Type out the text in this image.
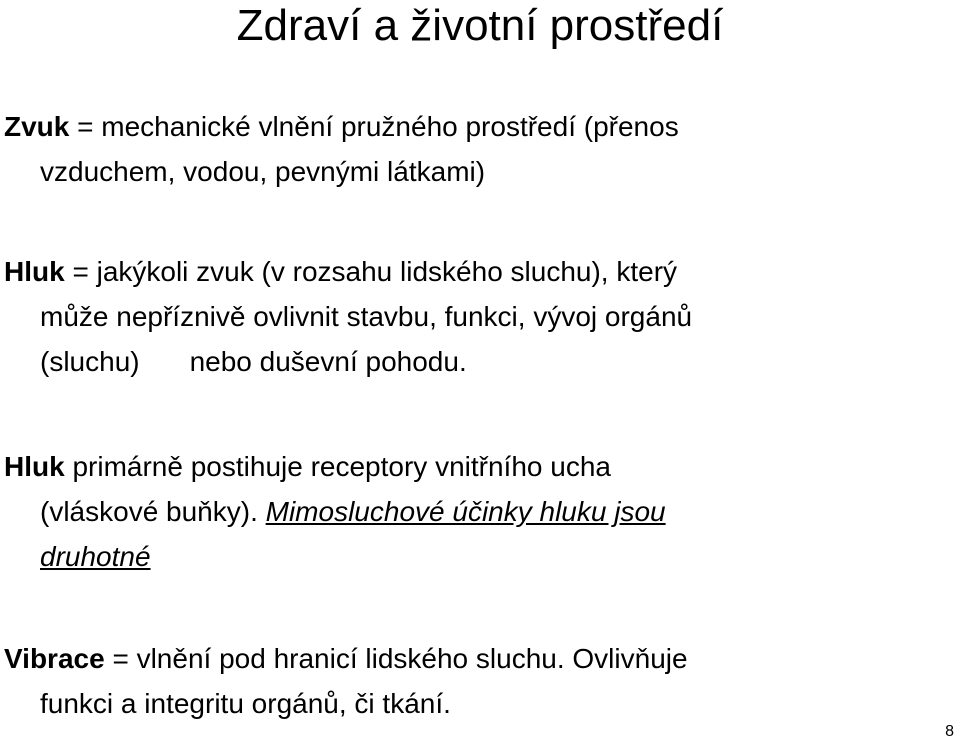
Zdraví a životní prostředí

Zvuk = mechanické vlnění pružného prostředí (přenos
vzduchem, vodou, pevnými látkami)

Hluk = jakýkoli zvuk (v rozsahu lidského sluchu), který
může nepříznivě ovlivnit stavbu, funkci, vývoj orgánů
(sluchu) nebo duševní pohodu.

Hluk primárně postihuje receptory vnitřního ucha
(vláskové buňky). Mimosluchové účinky hluku jsou
druhotné

Vibrace = vlnění pod hranicí lidského sluchu. Ovlivňuje
funkci a integritu orgánů, či tkání.

8
